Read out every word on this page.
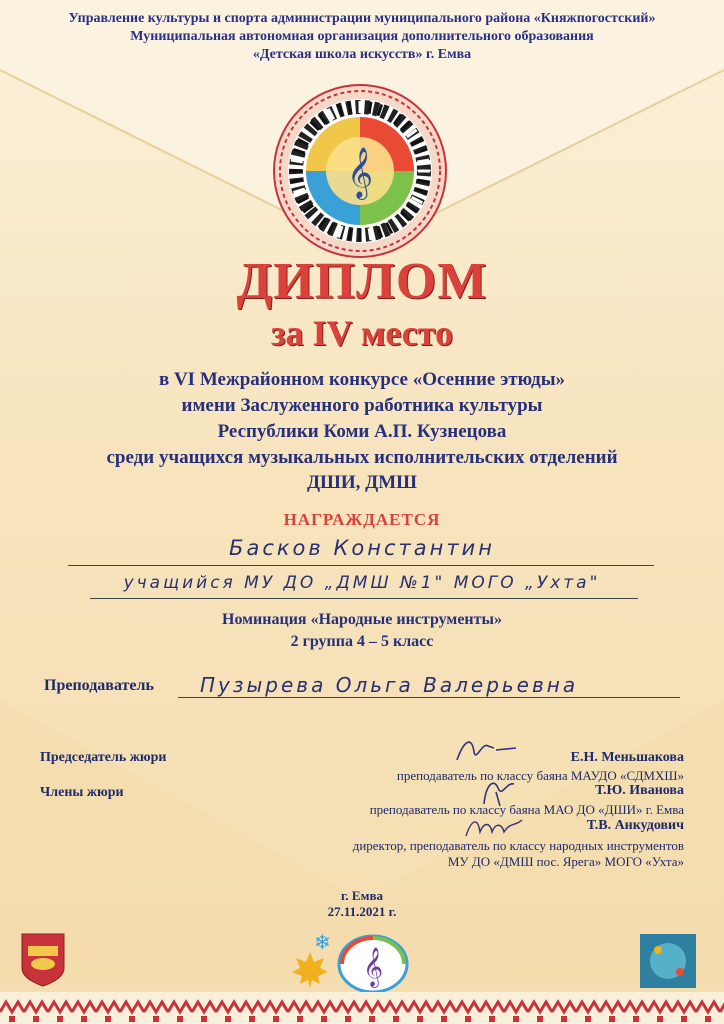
Управление культуры и спорта администрации муниципального района «Княжпогостский»
Муниципальная автономная организация дополнительного образования
«Детская школа искусств» г. Емва
𝄞
ДИПЛОМ
за IV место
в VI Межрайонном конкурсе «Осенние этюды»
имени Заслуженного работника культуры
Республики Коми А.П. Кузнецова
среди учащихся музыкальных исполнительских отделений
ДШИ, ДМШ
НАГРАЖДАЕТСЯ
Басков Константин
учащийся МУ ДО „ДМШ №1" МОГО „Ухта"
Номинация «Народные инструменты»
2 группа 4 – 5 класс
Преподаватель Пузырева Ольга Валерьевна
Председатель жюри
Члены жюри
Е.Н. Меньшакова
преподаватель по классу баяна МАУДО «СДМХШ»
Т.Ю. Иванова
преподаватель по классу баяна МАО ДО «ДШИ» г. Емва
Т.В. Анкудович
директор, преподаватель по классу народных инструментов
МУ ДО «ДМШ пос. Ярега» МОГО «Ухта»
г. Емва
27.11.2021 г.
❄
𝄞
